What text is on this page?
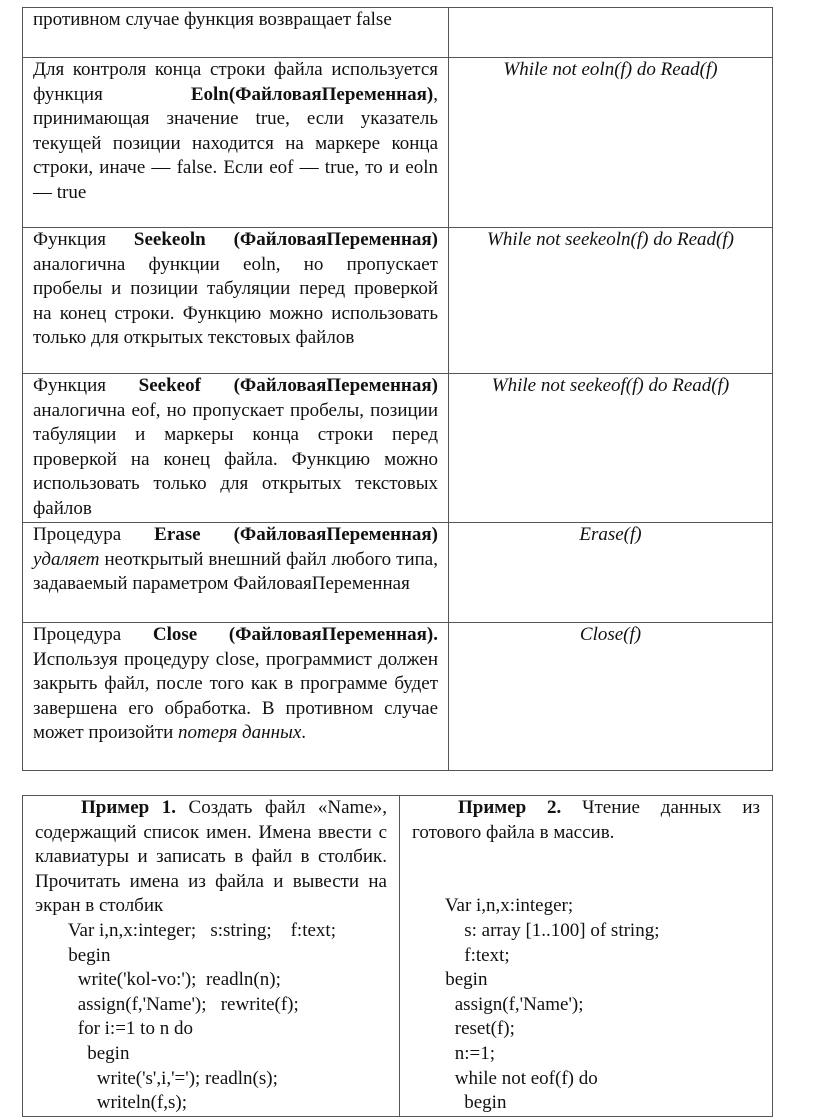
противном случае функция возвращает false	

Для контроля конца строки файла используется функция Eoln(ФайловаяПеременная), принимающая значение true, если указатель текущей позиции находится на маркере конца строки, иначе — false. Если eof — true, то и eoln — true	While not eoln(f) do Read(f)

Функция Seekeoln (ФайловаяПеременная) аналогична функции eoln, но пропускает пробелы и позиции табуляции перед проверкой на конец строки. Функцию можно использовать только для открытых текстовых файлов	While not seekeoln(f) do Read(f)

Функция Seekeof (ФайловаяПеременная) аналогична eof, но пропускает пробелы, позиции табуляции и маркеры конца строки перед проверкой на конец файла. Функцию можно использовать только для открытых текстовых файлов	While not seekeof(f) do Read(f)

Процедура Erase (ФайловаяПеременная) удаляет неоткрытый внешний файл любого типа, задаваемый параметром ФайловаяПеременная	Erase(f)

Процедура Close (ФайловаяПеременная). Используя процедуру close, программист должен закрыть файл, после того как в программе будет завершена его обработка. В противном случае может произойти потеря данных.	Close(f)
Пример 1. Создать файл «Name», содержащий список имен. Имена ввести с клавиатуры и записать в файл в столбик. Прочитать имена из файла и вывести на экран в столбик
Var i,n,x:integer;   s:string;    f:text;
begin
write('kol-vo:');  readln(n);
assign(f,'Name');   rewrite(f);
for i:=1 to n do
begin
write('s',i,'='); readln(s);
writeln(f,s);

Пример 2. Чтение данных из готового файла в массив.
Var i,n,x:integer;
s: array [1..100] of string;
f:text;
begin
assign(f,'Name');
reset(f);
n:=1;
while not eof(f) do
begin
